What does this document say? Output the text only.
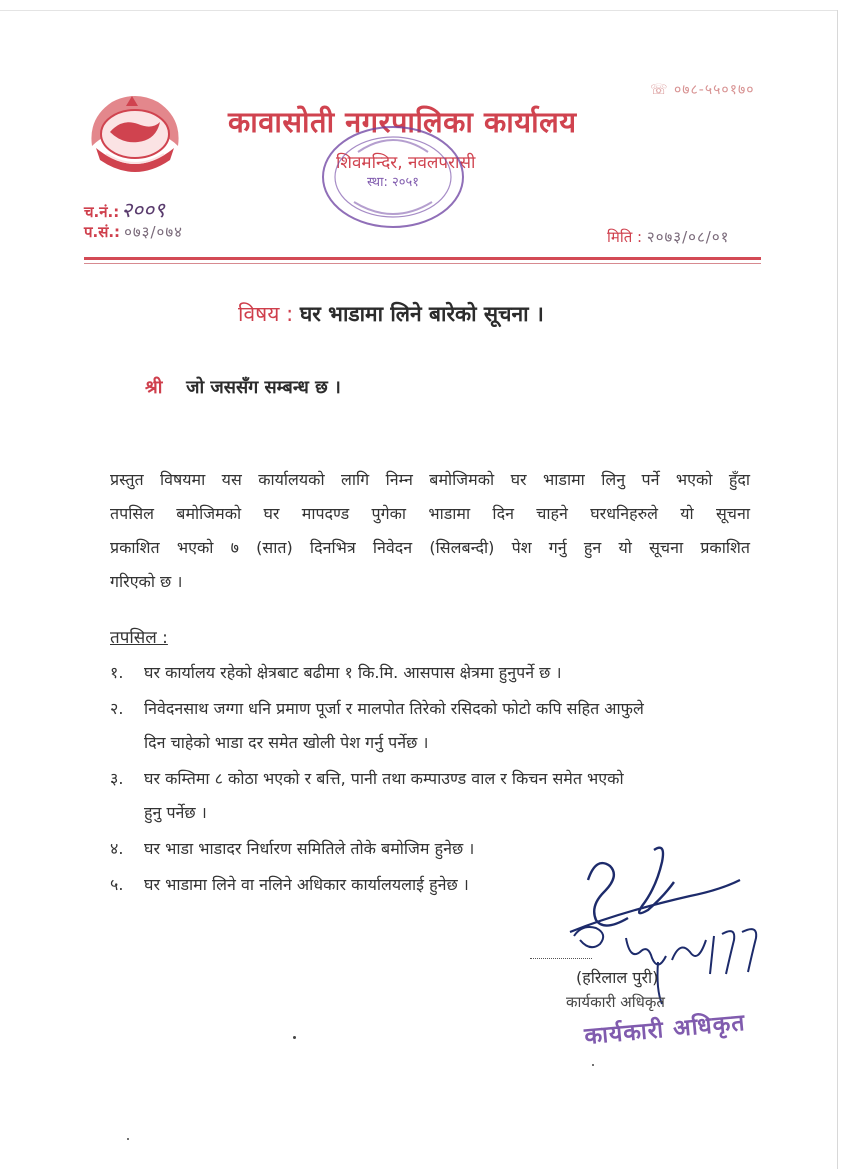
☏ ०७८-५५०१७०
कावासोती नगरपालिका कार्यालय
शिवमन्दिर, नवलपरासी
स्था: २०५१
च.नं.:२००९
प.सं.: ०७३/०७४	मिति : २०७३/०८/०१
विषय : घर भाडामा लिने बारेको सूचना ।
श्री जो जससँग सम्बन्ध छ ।
प्रस्तुत विषयमा यस कार्यालयको लागि निम्न बमोजिमको घर भाडामा लिनु पर्ने भएको हुँदा
तपसिल बमोजिमको घर मापदण्ड पुगेका भाडामा दिन चाहने घरधनिहरुले यो सूचना
प्रकाशित भएको ७ (सात) दिनभित्र निवेदन (सिलबन्दी) पेश गर्नु हुन यो सूचना प्रकाशित
गरिएको छ ।
तपसिल :
१. घर कार्यालय रहेको क्षेत्रबाट बढीमा १ कि.मि. आसपास क्षेत्रमा हुनुपर्ने छ ।
२. निवेदनसाथ जग्गा धनि प्रमाण पूर्जा र मालपोत तिरेको रसिदको फोटो कपि सहित आफुले
दिन चाहेको भाडा दर समेत खोली पेश गर्नु पर्नेछ ।
३. घर कम्तिमा ८ कोठा भएको र बत्ति, पानी तथा कम्पाउण्ड वाल र किचन समेत भएको
हुनु पर्नेछ ।
४. घर भाडा भाडादर निर्धारण समितिले तोके बमोजिम हुनेछ ।
५. घर भाडामा लिने वा नलिने अधिकार कार्यालयलाई हुनेछ ।
(हरिलाल पुरी)
कार्यकारी अधिकृत
कार्यकारी अधिकृत
